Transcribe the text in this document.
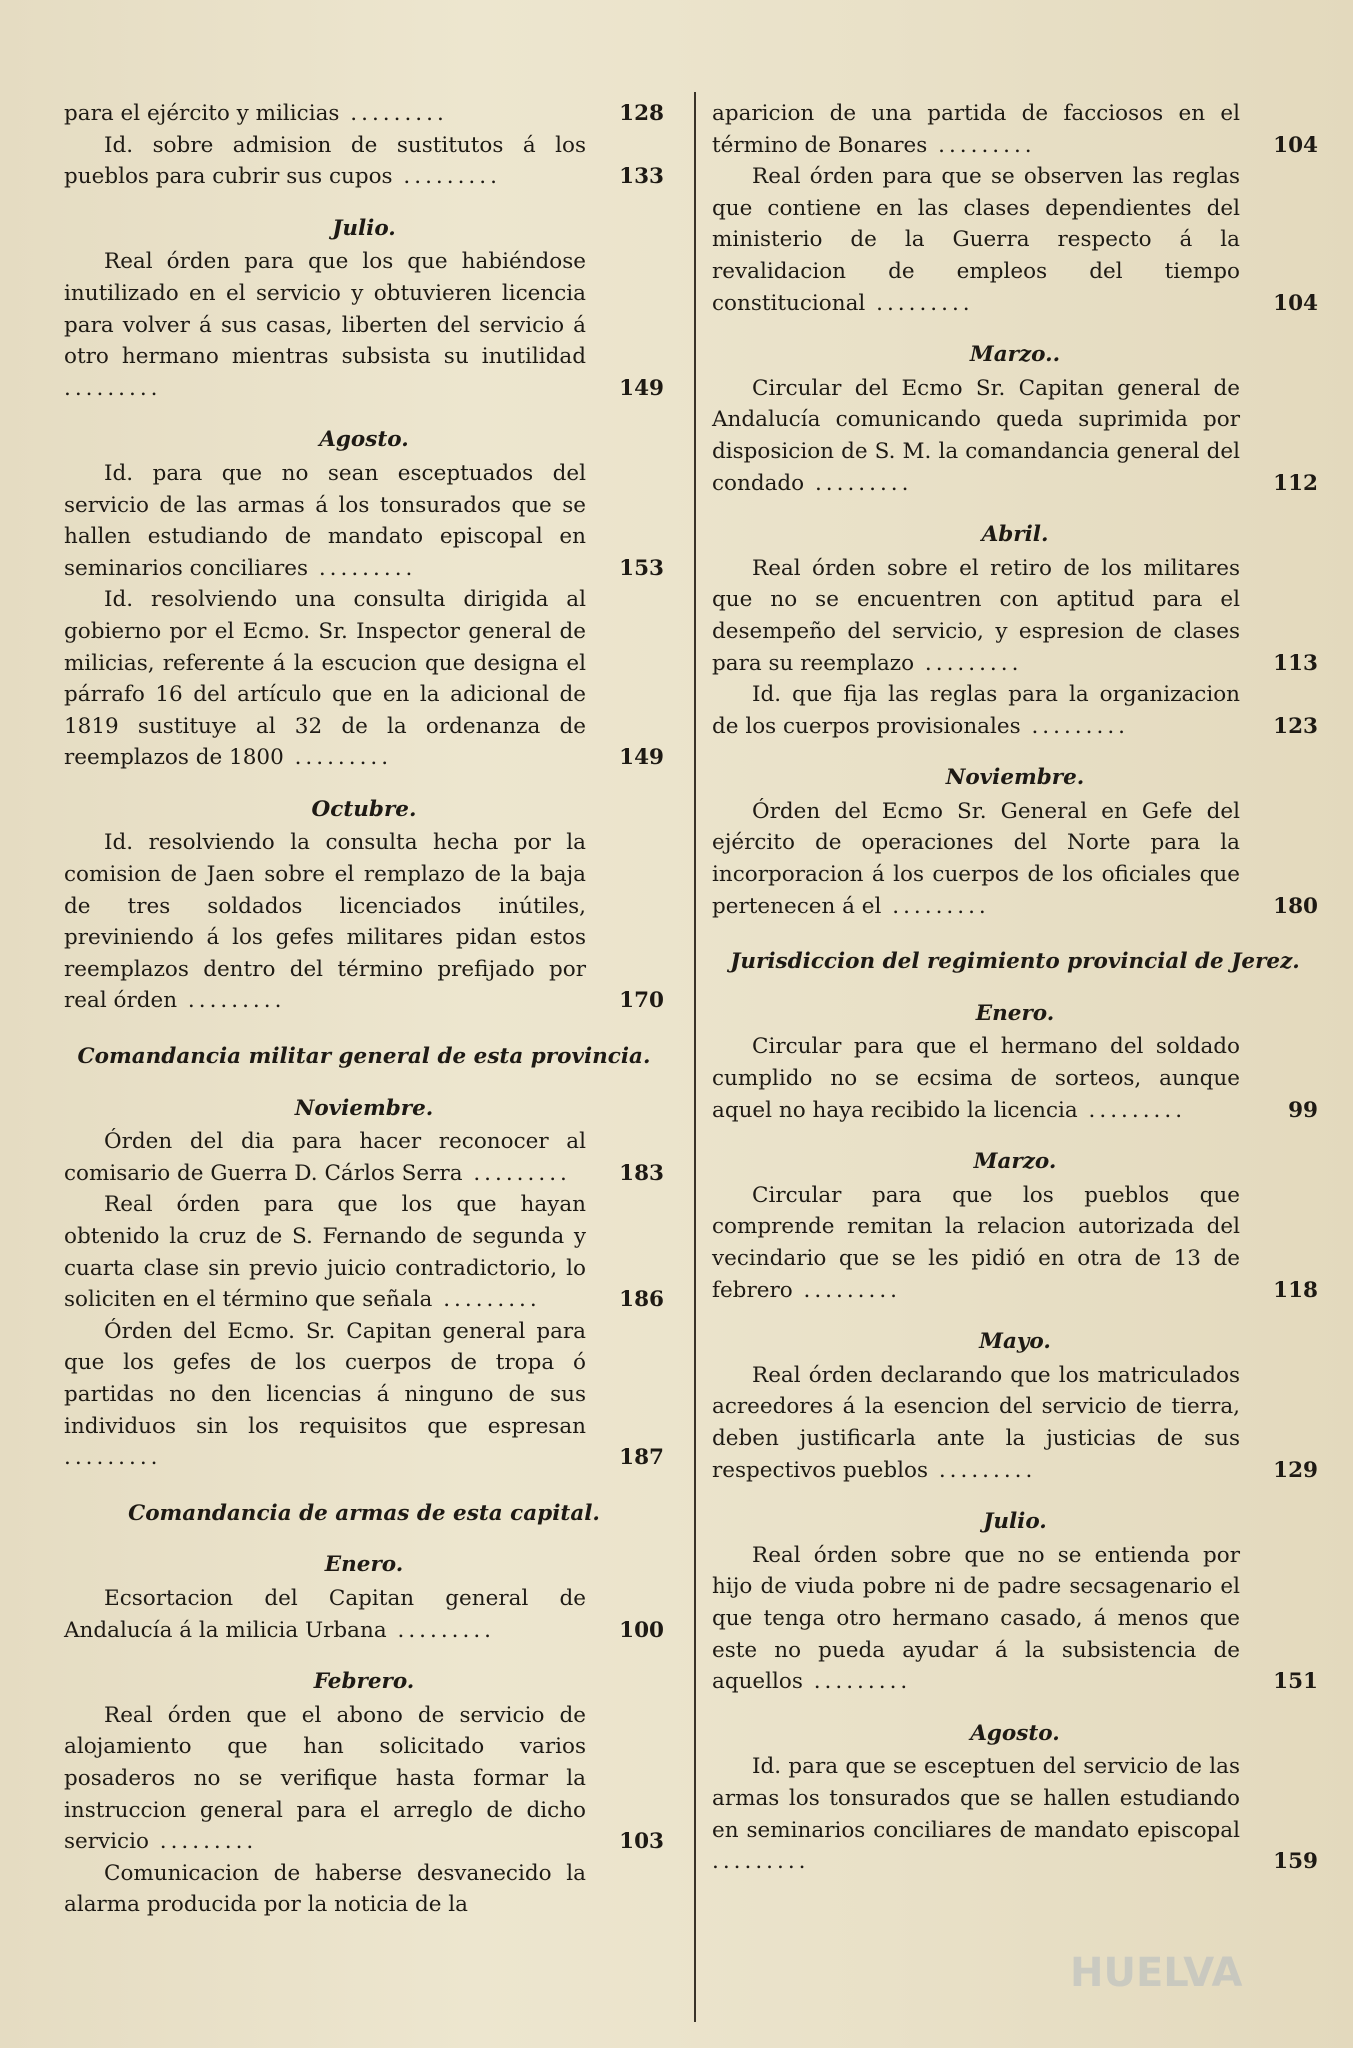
para el ejército y milicias .........	128
Id. sobre admision de sustitutos á los pueblos para cubrir sus cupos .........	133
Julio.
Real órden para que los que habiéndose inutilizado en el servicio y obtuvieren licencia para volver á sus casas, liberten del servicio á otro hermano mientras subsista su inutilidad .........	149
Agosto.
Id. para que no sean esceptuados del servicio de las armas á los tonsurados que se hallen estudiando de mandato episcopal en seminarios conciliares .........	153
Id. resolviendo una consulta dirigida al gobierno por el Ecmo. Sr. Inspector general de milicias, referente á la escucion que designa el párrafo 16 del artículo que en la adicional de 1819 sustituye al 32 de la ordenanza de reemplazos de 1800 .........	149
Octubre.
Id. resolviendo la consulta hecha por la comision de Jaen sobre el remplazo de la baja de tres soldados licenciados inútiles, previniendo á los gefes militares pidan estos reemplazos dentro del término prefijado por real órden .........	170
Comandancia militar general de esta provincia.
Noviembre.
Órden del dia para hacer reconocer al comisario de Guerra D. Cárlos Serra .........	183
Real órden para que los que hayan obtenido la cruz de S. Fernando de segunda y cuarta clase sin previo juicio contradictorio, lo soliciten en el término que señala .........	186
Órden del Ecmo. Sr. Capitan general para que los gefes de los cuerpos de tropa ó partidas no den licencias á ninguno de sus individuos sin los requisitos que espresan .........	187
Comandancia de armas de esta capital.
Enero.
Ecsortacion del Capitan general de Andalucía á la milicia Urbana .........	100
Febrero.
Real órden que el abono de servicio de alojamiento que han solicitado varios posaderos no se verifique hasta formar la instruccion general para el arreglo de dicho servicio .........	103
Comunicacion de haberse desvanecido la alarma producida por la noticia de la
aparicion de una partida de facciosos en el término de Bonares .........	104
Real órden para que se observen las reglas que contiene en las clases dependientes del ministerio de la Guerra respecto á la revalidacion de empleos del tiempo constitucional .........	104
Marzo..
Circular del Ecmo Sr. Capitan general de Andalucía comunicando queda suprimida por disposicion de S. M. la comandancia general del condado .........	112
Abril.
Real órden sobre el retiro de los militares que no se encuentren con aptitud para el desempeño del servicio, y espresion de clases para su reemplazo .........	113
Id. que fija las reglas para la organizacion de los cuerpos provisionales .........	123
Noviembre.
Órden del Ecmo Sr. General en Gefe del ejército de operaciones del Norte para la incorporacion á los cuerpos de los oficiales que pertenecen á el .........	180
Jurisdiccion del regimiento provincial de Jerez.
Enero.
Circular para que el hermano del soldado cumplido no se ecsima de sorteos, aunque aquel no haya recibido la licencia .........	99
Marzo.
Circular para que los pueblos que comprende remitan la relacion autorizada del vecindario que se les pidió en otra de 13 de febrero .........	118
Mayo.
Real órden declarando que los matriculados acreedores á la esencion del servicio de tierra, deben justificarla ante la justicias de sus respectivos pueblos .........	129
Julio.
Real órden sobre que no se entienda por hijo de viuda pobre ni de padre secsagenario el que tenga otro hermano casado, á menos que este no pueda ayudar á la subsistencia de aquellos .........	151
Agosto.
Id. para que se esceptuen del servicio de las armas los tonsurados que se hallen estudiando en seminarios conciliares de mandato episcopal .........	159
HUELVA
